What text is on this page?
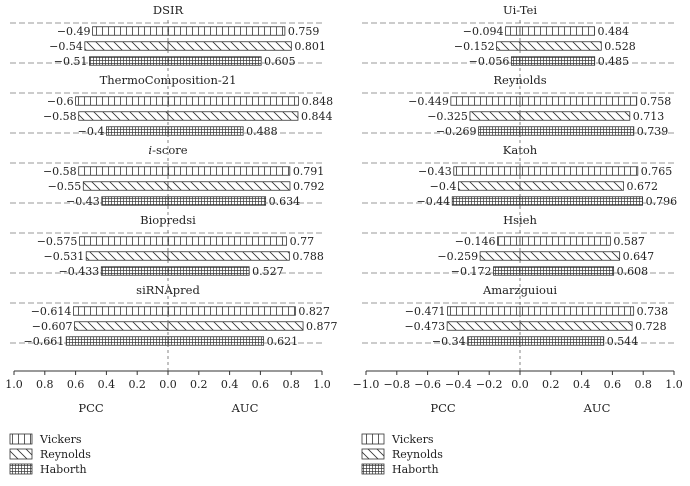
DSIR
−0.49	0.759
−0.54	0.801
−0.51	0.605
ThermoComposition-21
−0.6	0.848
−0.58	0.844
−0.4	0.488
i-score
−0.58	0.791
−0.55	0.792
−0.43	0.634
Biopredsi
−0.575	0.77
−0.531	0.788
−0.433	0.527
siRNApred
−0.614	0.827
−0.607	0.877
−0.661	0.621
1.0 0.8 0.6 0.4 0.2 0.0 0.2 0.4 0.6 0.8 1.0
PCC	AUC
Vickers
Reynolds
Haborth
Ui-Tei
−0.094	0.484
−0.152	0.528
−0.056	0.485
Reynolds
−0.449	0.758
−0.325	0.713
−0.269	0.739
Katoh
−0.43	0.765
−0.4	0.672
−0.44	0.796
Hsieh
−0.146	0.587
−0.259	0.647
−0.172	0.608
Amarzguioui
−0.471	0.738
−0.473	0.728
−0.34	0.544
−1.0 −0.8 −0.6 −0.4 −0.2 0.0 0.2 0.4 0.6 0.8 1.0
PCC	AUC
Vickers
Reynolds
Haborth
